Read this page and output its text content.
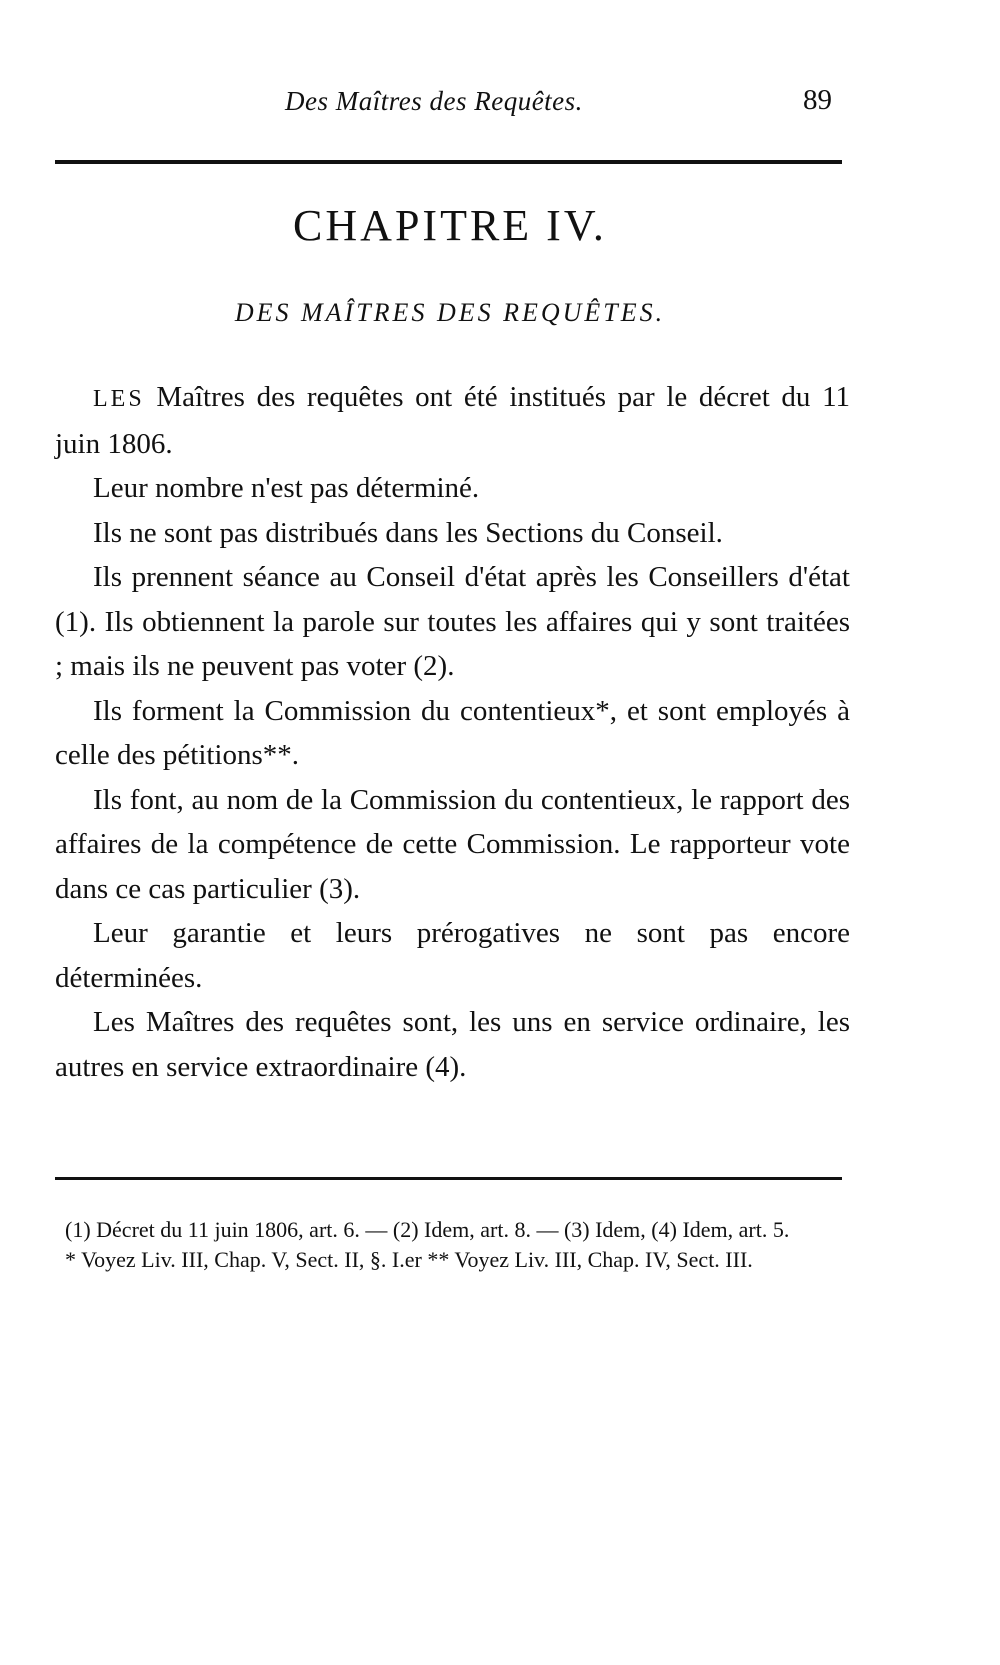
Des Maîtres des Requêtes.	89
CHAPITRE IV.
DES MAÎTRES DES REQUÊTES.

LES Maîtres des requêtes ont été institués par le décret du 11 juin 1806.

Leur nombre n'est pas déterminé.

Ils ne sont pas distribués dans les Sections du Conseil.

Ils prennent séance au Conseil d'état après les Conseillers d'état (1). Ils obtiennent la parole sur toutes les affaires qui y sont traitées ; mais ils ne peuvent pas voter (2).

Ils forment la Commission du contentieux*, et sont employés à celle des pétitions**.

Ils font, au nom de la Commission du contentieux, le rapport des affaires de la compétence de cette Commission. Le rapporteur vote dans ce cas particulier (3).

Leur garantie et leurs prérogatives ne sont pas encore déterminées.

Les Maîtres des requêtes sont, les uns en service ordinaire, les autres en service extraordinaire (4).

(1) Décret du 11 juin 1806, art. 6. — (2) Idem, art. 8. — (3) Idem, (4) Idem, art. 5.

* Voyez Liv. III, Chap. V, Sect. II, §. I.er ** Voyez Liv. III, Chap. IV, Sect. III.
